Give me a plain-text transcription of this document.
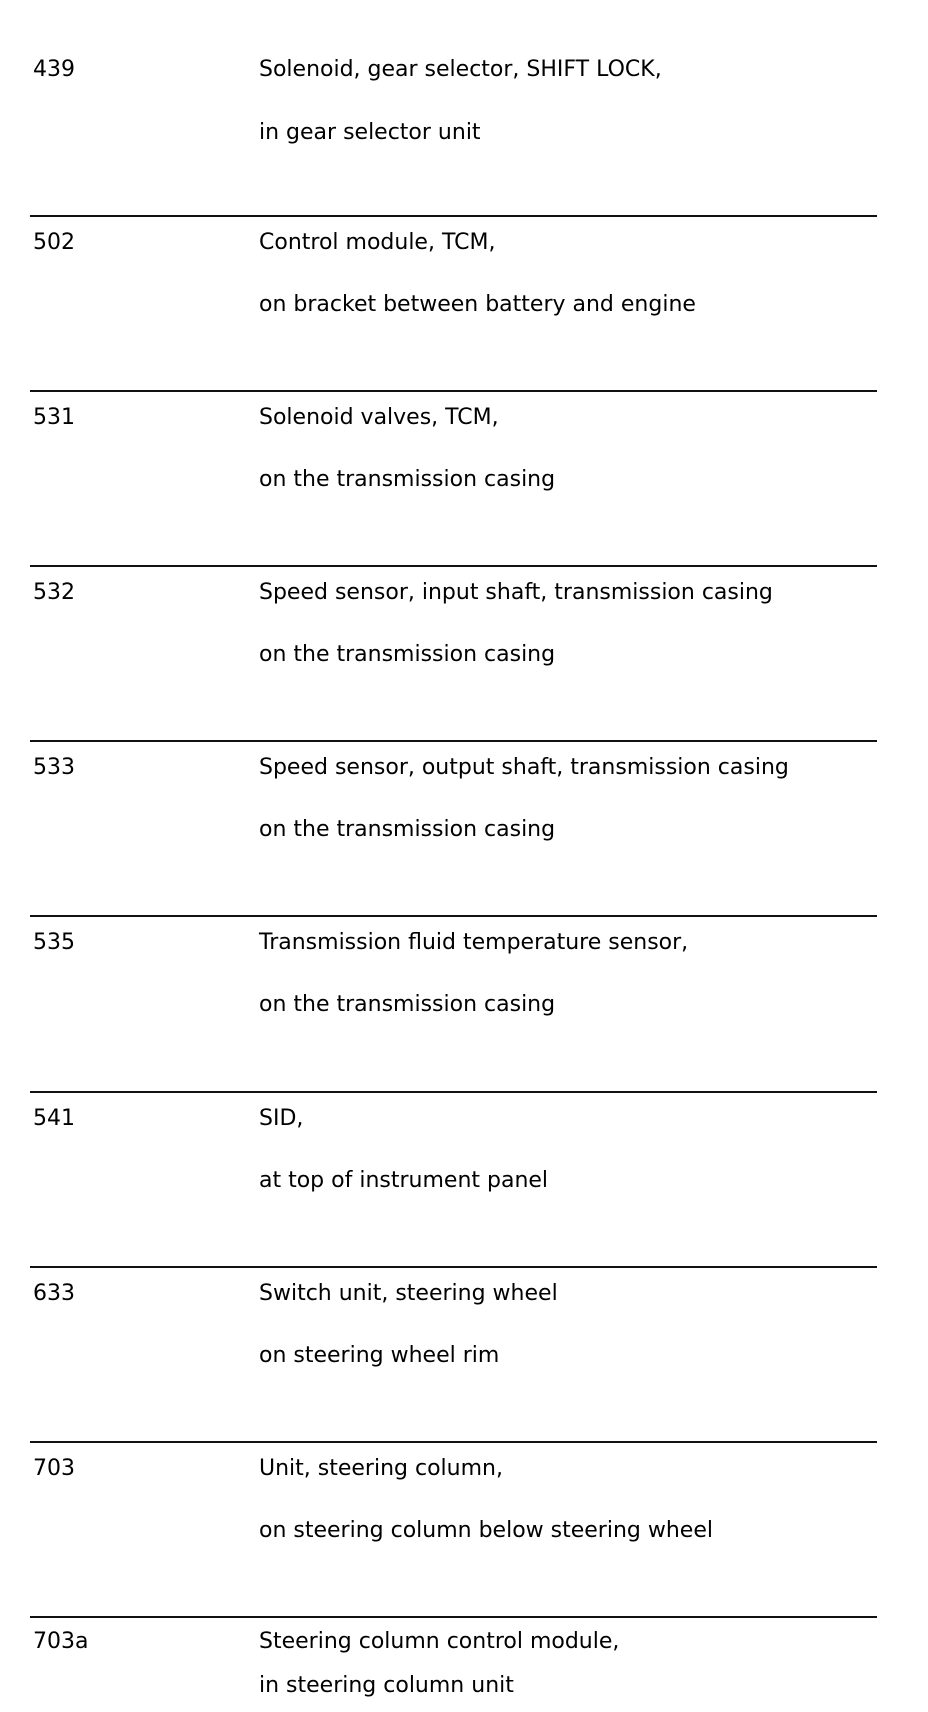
439	Solenoid, gear selector, SHIFT LOCK,
in gear selector unit
502	Control module, TCM,
on bracket between battery and engine
531	Solenoid valves, TCM,
on the transmission casing
532	Speed sensor, input shaft, transmission casing
on the transmission casing
533	Speed sensor, output shaft, transmission casing
on the transmission casing
535	Transmission fluid temperature sensor,
on the transmission casing
541	SID,
at top of instrument panel
633	Switch unit, steering wheel
on steering wheel rim
703	Unit, steering column,
on steering column below steering wheel
703a	Steering column control module,
in steering column unit
